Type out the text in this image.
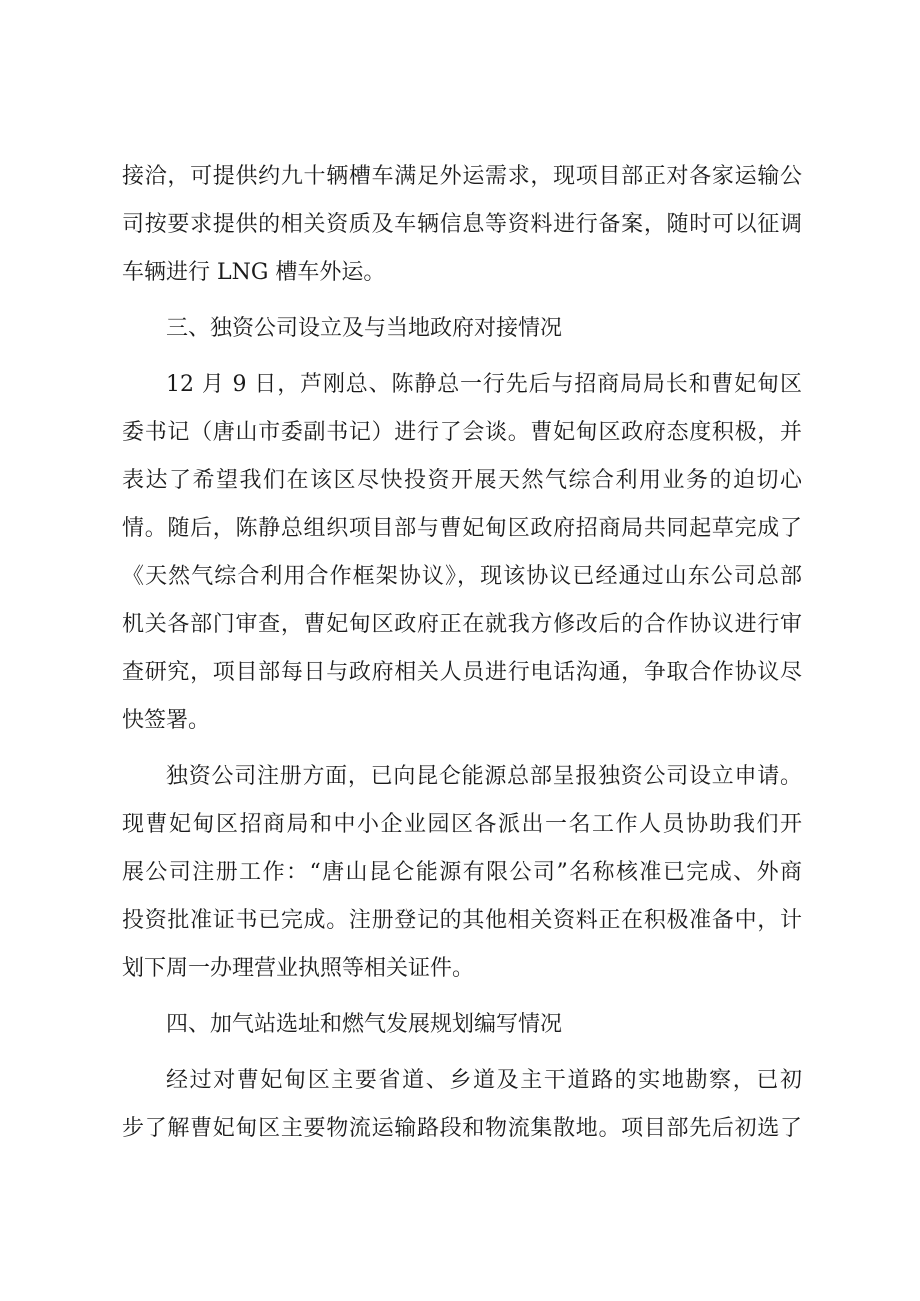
接洽，可提供约九十辆槽车满足外运需求，现项目部正对各家运输公
司按要求提供的相关资质及车辆信息等资料进行备案，随时可以征调
车辆进行 LNG 槽车外运。
三、独资公司设立及与当地政府对接情况
12 月 9 日，芦刚总、陈静总一行先后与招商局局长和曹妃甸区
委书记（唐山市委副书记）进行了会谈。曹妃甸区政府态度积极，并
表达了希望我们在该区尽快投资开展天然气综合利用业务的迫切心
情。随后，陈静总组织项目部与曹妃甸区政府招商局共同起草完成了
《天然气综合利用合作框架协议》，现该协议已经通过山东公司总部
机关各部门审查，曹妃甸区政府正在就我方修改后的合作协议进行审
查研究，项目部每日与政府相关人员进行电话沟通，争取合作协议尽
快签署。
独资公司注册方面，已向昆仑能源总部呈报独资公司设立申请。
现曹妃甸区招商局和中小企业园区各派出一名工作人员协助我们开
展公司注册工作：“唐山昆仑能源有限公司”名称核准已完成、外商
投资批准证书已完成。注册登记的其他相关资料正在积极准备中，计
划下周一办理营业执照等相关证件。
四、加气站选址和燃气发展规划编写情况
经过对曹妃甸区主要省道、乡道及主干道路的实地勘察，已初
步了解曹妃甸区主要物流运输路段和物流集散地。项目部先后初选了
